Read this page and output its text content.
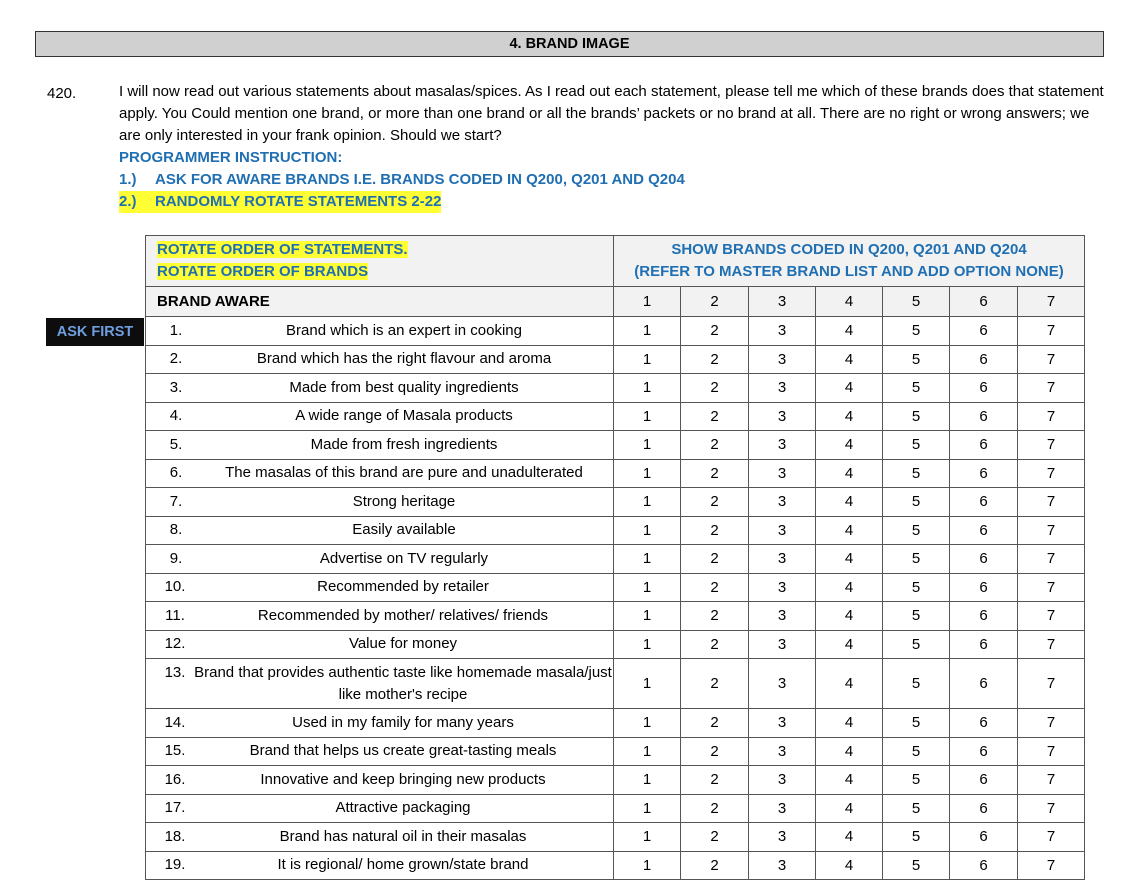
4. BRAND IMAGE
420.	I will now read out various statements about masalas/spices. As I read out each statement, please tell me which of these brands does that statement apply. You Could mention one brand, or more than one brand or all the brands’ packets or no brand at all. There are no right or wrong answers; we are only interested in your frank opinion. Should we start?

PROGRAMMER INSTRUCTION:
1.)	ASK FOR AWARE BRANDS I.E. BRANDS CODED IN Q200, Q201 AND Q204
2.)	RANDOMLY ROTATE STATEMENTS 2-22
ASK FIRST
ROTATE ORDER OF STATEMENTS.
ROTATE ORDER OF BRANDS	SHOW BRANDS CODED IN Q200, Q201 AND Q204
(REFER TO MASTER BRAND LIST AND ADD OPTION NONE)						
BRAND AWARE	1	2	3	4	5	6	7

1. Brand which is an expert in cooking	1	2	3	4	5	6	7

2. Brand which has the right flavour and aroma	1	2	3	4	5	6	7

3. Made from best quality ingredients	1	2	3	4	5	6	7

4. A wide range of Masala products	1	2	3	4	5	6	7

5. Made from fresh ingredients	1	2	3	4	5	6	7

6. The masalas of this brand are pure and unadulterated	1	2	3	4	5	6	7

7. Strong heritage	1	2	3	4	5	6	7

8. Easily available	1	2	3	4	5	6	7

9. Advertise on TV regularly	1	2	3	4	5	6	7

10. Recommended by retailer	1	2	3	4	5	6	7

11. Recommended by mother/ relatives/ friends	1	2	3	4	5	6	7

12. Value for money	1	2	3	4	5	6	7

13. Brand that provides authentic taste like homemade masala/just like mother's recipe	1	2	3	4	5	6	7

14. Used in my family for many years	1	2	3	4	5	6	7

15. Brand that helps us create great-tasting meals	1	2	3	4	5	6	7

16. Innovative and keep bringing new products	1	2	3	4	5	6	7

17. Attractive packaging	1	2	3	4	5	6	7

18. Brand has natural oil in their masalas	1	2	3	4	5	6	7

19. It is regional/ home grown/state brand	1	2	3	4	5	6	7
